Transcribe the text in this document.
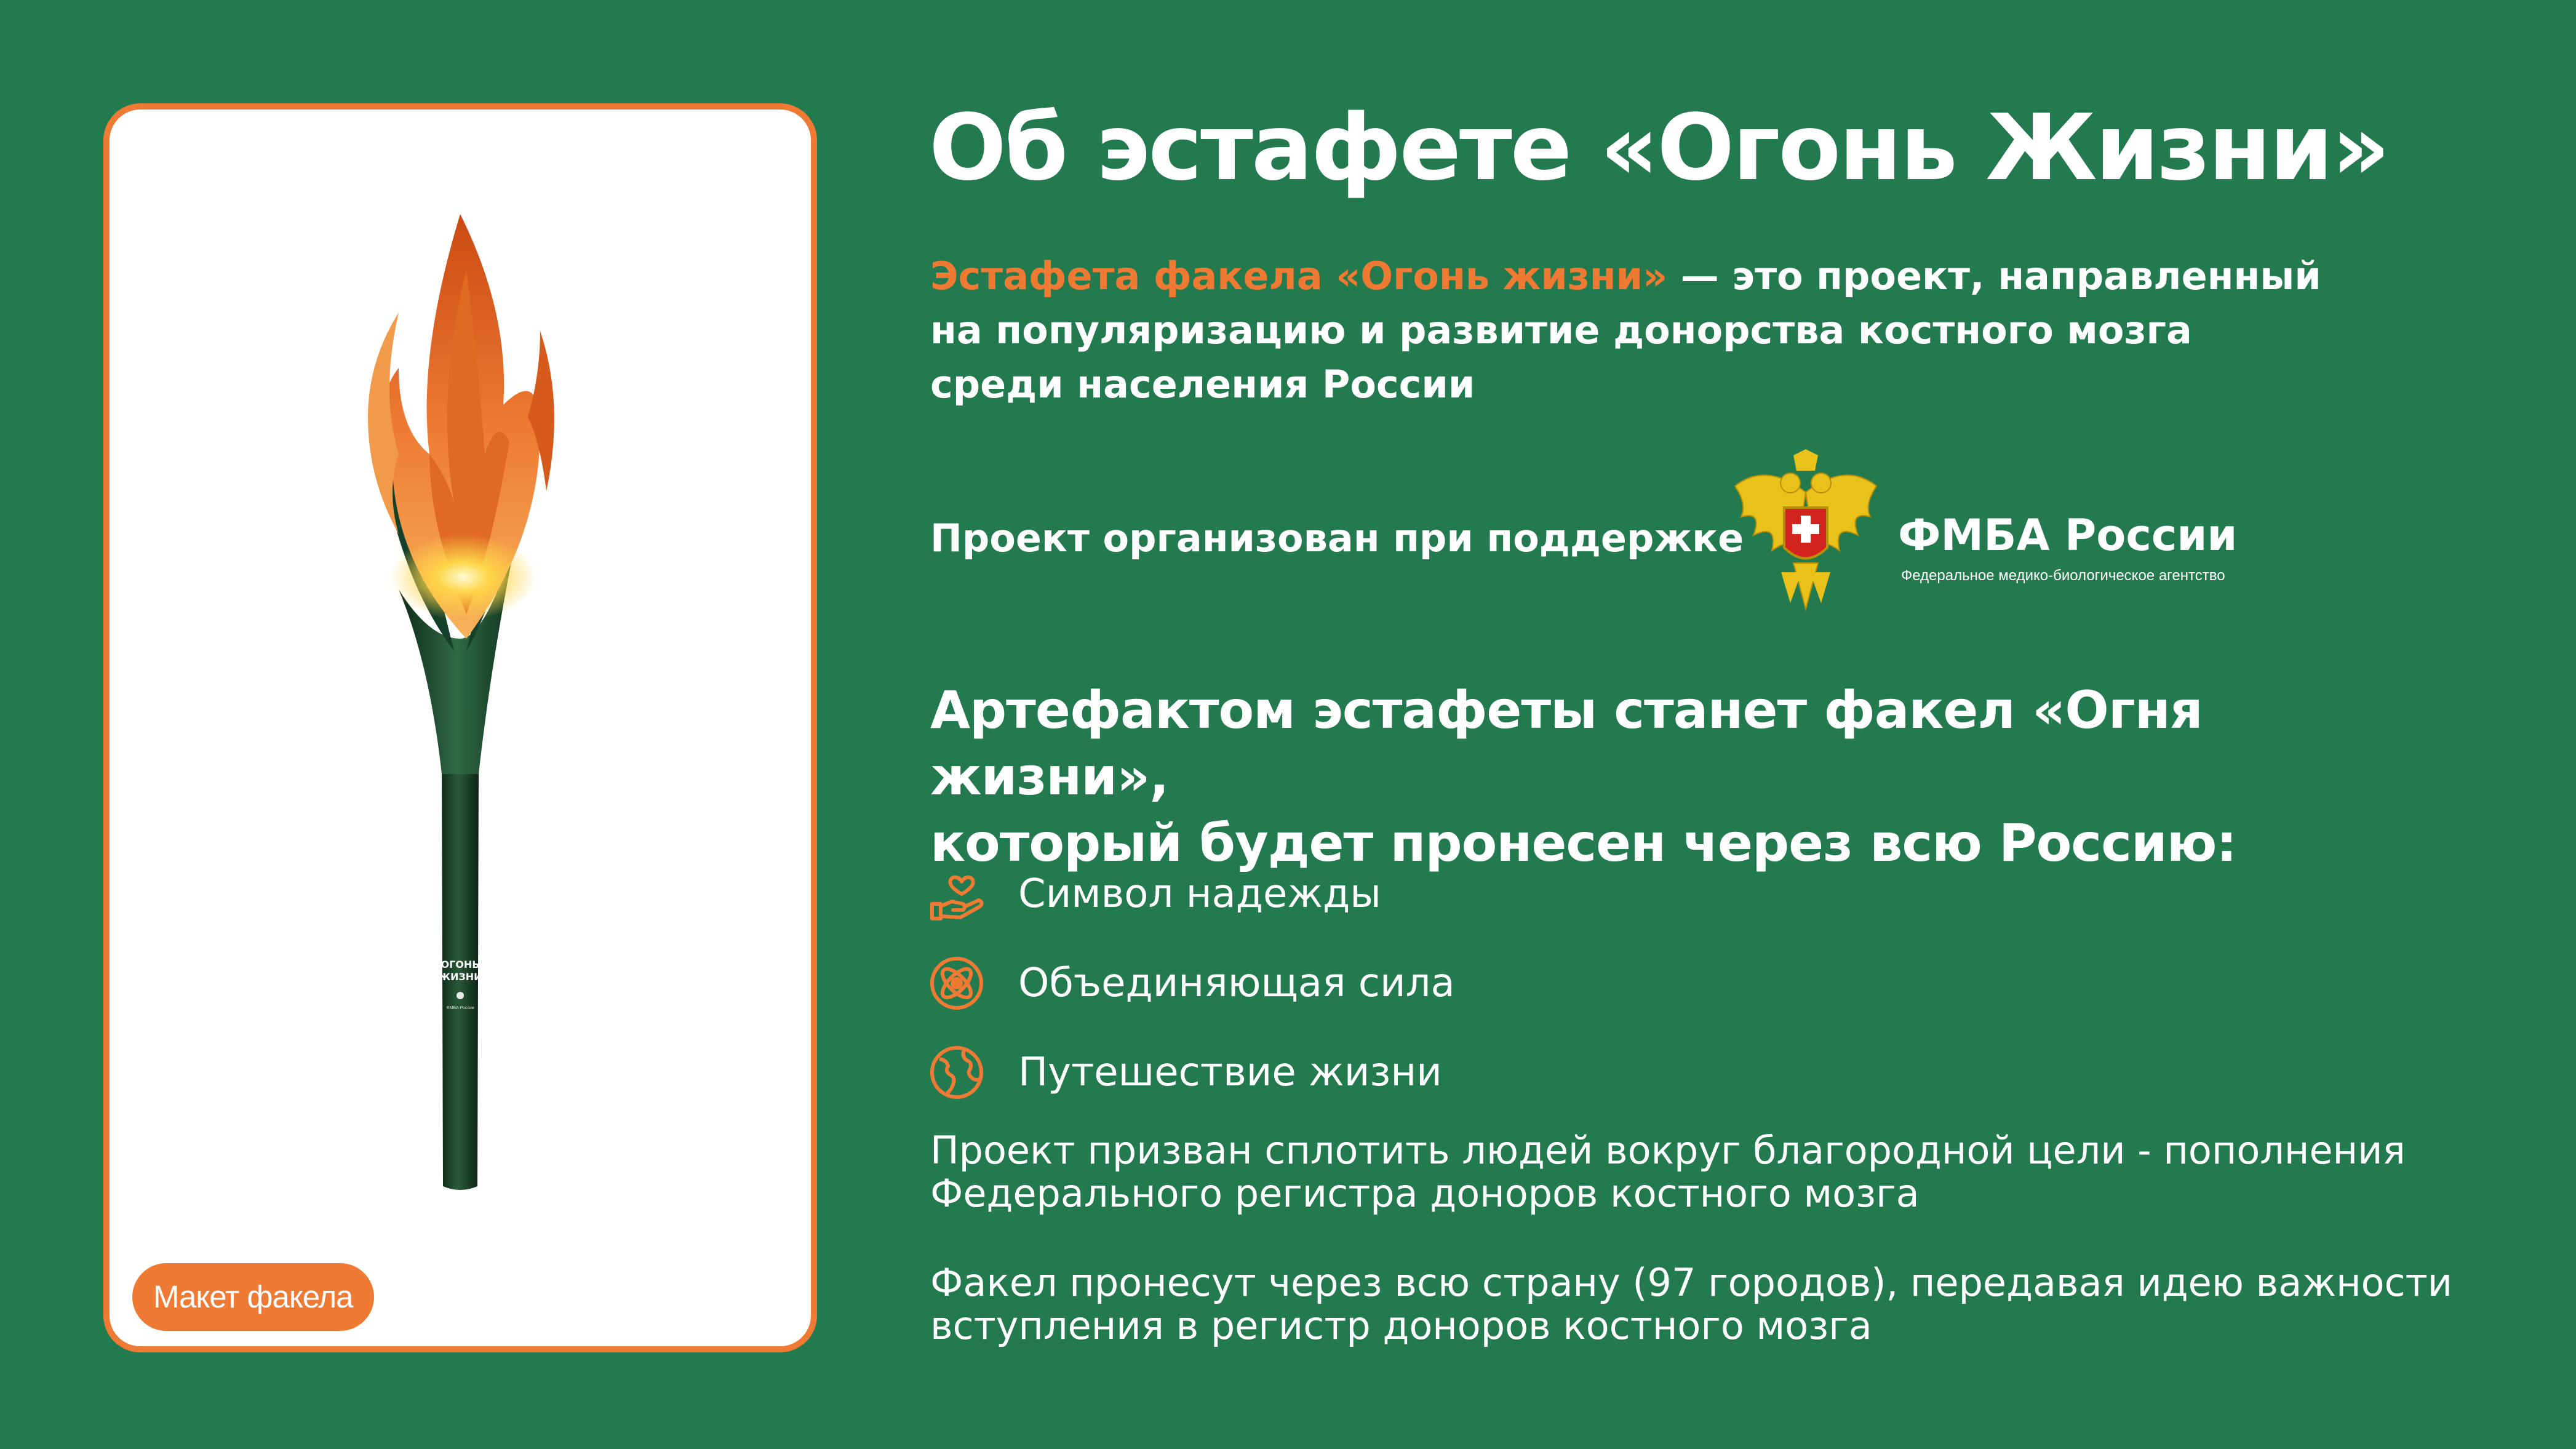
ОГОНЬ
ЖИЗНИ
ФМБА России
Макет факела
Об эстафете «Огонь Жизни»
Эстафета факела «Огонь жизни» — это проект, направленный
на популяризацию и развитие донорства костного мозга
среди населения России
Проект организован при поддержке	ФМБА России
Федеральное медико-биологическое агентство
Артефактом эстафеты станет факел «Огня жизни»,
который будет пронесен через всю Россию:
Символ надежды
Объединяющая сила
Путешествие жизни
Проект призван сплотить людей вокруг благородной цели - пополнения
Федерального регистра доноров костного мозга
Факел пронесут через всю страну (97 городов), передавая идею важности
вступления в регистр доноров костного мозга
